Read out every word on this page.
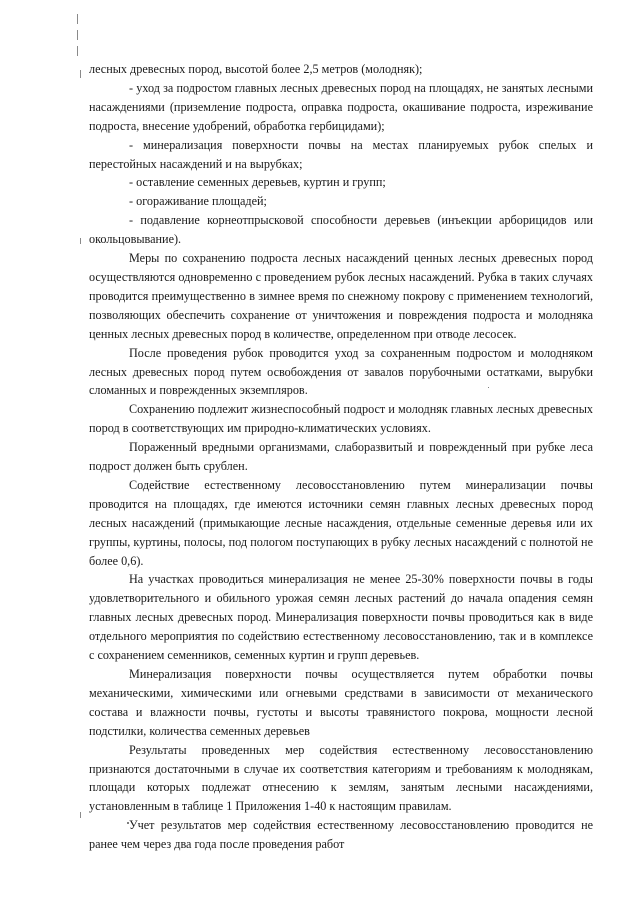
лесных древесных пород, высотой более 2,5 метров (молодняк);

- уход за подростом главных лесных древесных пород на площадях, не занятых лесными насаждениями (приземление подроста, оправка подроста, окашивание подроста, изреживание подроста, внесение удобрений, обработка гербицидами);

- минерализация поверхности почвы на местах планируемых рубок спелых и перестойных насаждений и на вырубках;

- оставление семенных деревьев, куртин и групп;

- огораживание площадей;

- подавление корнеотпрысковой способности деревьев (инъекции арборицидов или окольцовывание).

Меры по сохранению подроста лесных насаждений ценных лесных древесных пород осуществляются одновременно с проведением рубок лесных насаждений. Рубка в таких случаях проводится преимущественно в зимнее время по снежному покрову с применением технологий, позволяющих обеспечить сохранение от уничтожения и повреждения подроста и молодняка ценных лесных древесных пород в количестве, определенном при отводе лесосек.

После проведения рубок проводится уход за сохраненным подростом и молодняком лесных древесных пород путем освобождения от завалов порубочными остатками, вырубки сломанных и поврежденных экземпляров.

Сохранению подлежит жизнеспособный подрост и молодняк главных лесных древесных пород в соответствующих им природно-климатических условиях.

Пораженный вредными организмами, слаборазвитый и поврежденный при рубке леса подрост должен быть срублен.

Содействие естественному лесовосстановлению путем минерализации почвы проводится на площадях, где имеются источники семян главных лесных древесных пород лесных насаждений (примыкающие лесные насаждения, отдельные семенные деревья или их группы, куртины, полосы, под пологом поступающих в рубку лесных насаждений с полнотой не более 0,6).

На участках проводиться минерализация не менее 25-30% поверхности почвы в годы удовлетворительного и обильного урожая семян лесных растений до начала опадения семян главных лесных древесных пород. Минерализация поверхности почвы проводиться как в виде отдельного мероприятия по содействию естественному лесовосстановлению, так и в комплексе с сохранением семенников, семенных куртин и групп деревьев.

Минерализация поверхности почвы осуществляется путем обработки почвы механическими, химическими или огневыми средствами в зависимости от механического состава и влажности почвы, густоты и высоты травянистого покрова, мощности лесной подстилки, количества семенных деревьев

Результаты проведенных мер содействия естественному лесовосстановлению признаются достаточными в случае их соответствия категориям и требованиям к молоднякам, площади которых подлежат отнесению к землям, занятым лесными насаждениями, установленным в таблице 1 Приложения 1-40 к настоящим правилам.

Учет результатов мер содействия естественному лесовосстановлению проводится не ранее чем через два года после проведения работ
